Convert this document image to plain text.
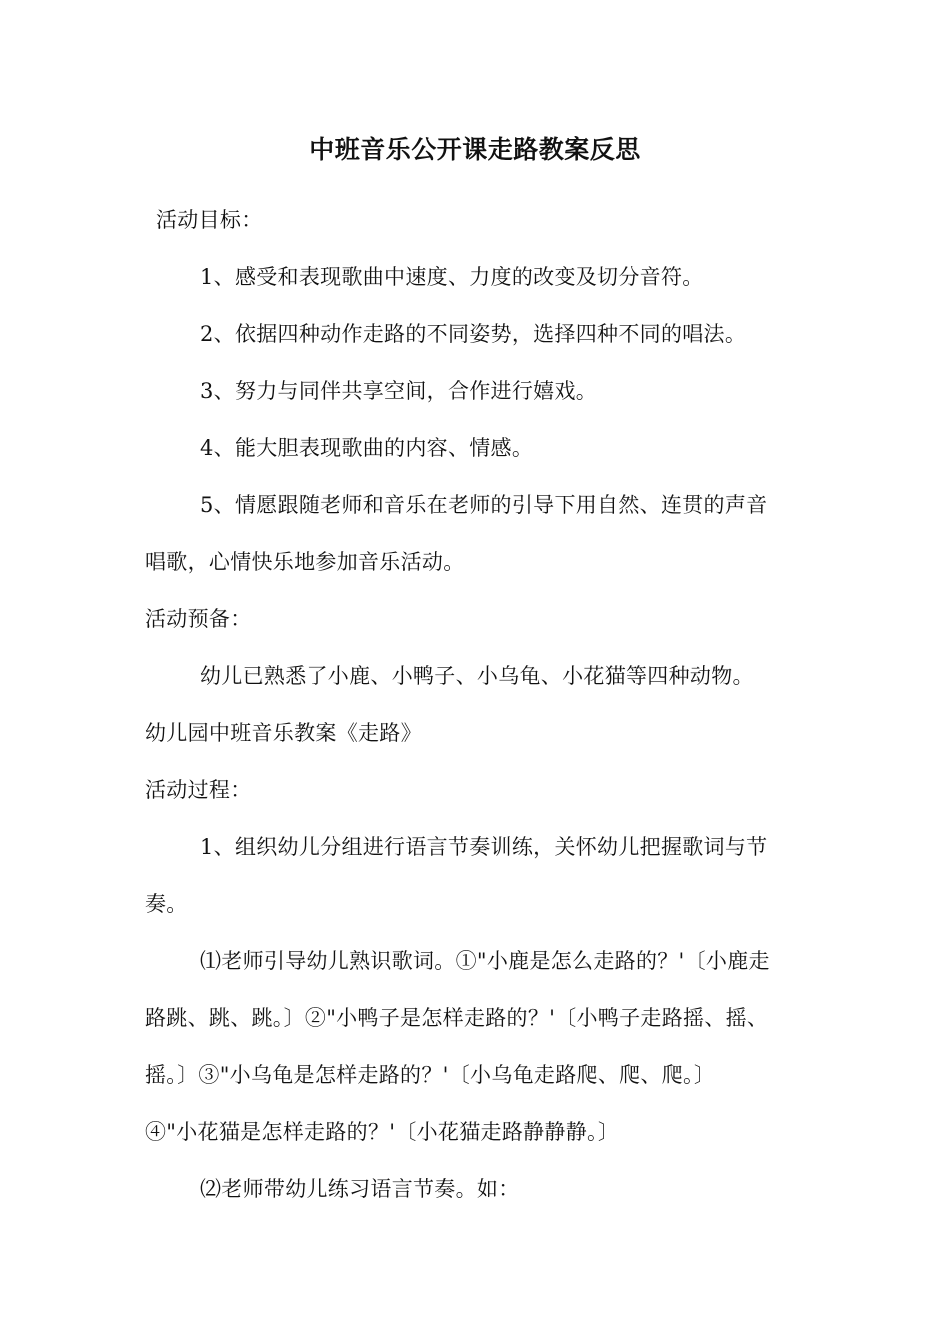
中班音乐公开课走路教案反思
活动目标：
1、感受和表现歌曲中速度、力度的改变及切分音符。
2、依据四种动作走路的不同姿势，选择四种不同的唱法。
3、努力与同伴共享空间，合作进行嬉戏。
4、能大胆表现歌曲的内容、情感。
5、情愿跟随老师和音乐在老师的引导下用自然、连贯的声音
唱歌，心情快乐地参加音乐活动。
活动预备：
幼儿已熟悉了小鹿、小鸭子、小乌龟、小花猫等四种动物。
幼儿园中班音乐教案《走路》
活动过程：
1、组织幼儿分组进行语言节奏训练，关怀幼儿把握歌词与节
奏。
⑴老师引导幼儿熟识歌词。①"小鹿是怎么走路的？'〔小鹿走
路跳、跳、跳。〕②"小鸭子是怎样走路的？'〔小鸭子走路摇、摇、
摇。〕③"小乌龟是怎样走路的？'〔小乌龟走路爬、爬、爬。〕
④"小花猫是怎样走路的？'〔小花猫走路静静静。〕
⑵老师带幼儿练习语言节奏。如：
